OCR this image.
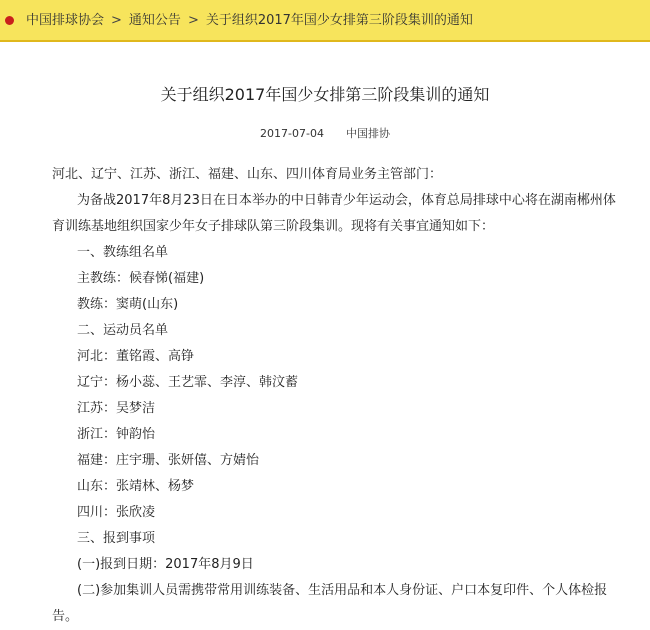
中国排球协会 > 通知公告 > 关于组织2017年国少女排第三阶段集训的通知
关于组织2017年国少女排第三阶段集训的通知
2017-07-04 中国排协

河北、辽宁、江苏、浙江、福建、山东、四川体育局业务主管部门：

为备战2017年8月23日在日本举办的中日韩青少年运动会，体育总局排球中心将在湖南郴州体育训练基地组织国家少年女子排球队第三阶段集训。现将有关事宜通知如下：

一、教练组名单

主教练：候春悌(福建)

教练：窦萌(山东)

二、运动员名单

河北：董铭霞、高铮

辽宁：杨小蕊、王艺霏、李淳、韩汶蓄

江苏：吴梦洁

浙江：钟韵怡

福建：庄宇珊、张妍僖、方婧怡

山东：张靖林、杨梦

四川：张欣凌

三、报到事项

(一)报到日期：2017年8月9日

(二)参加集训人员需携带常用训练装备、生活用品和本人身份证、户口本复印件、个人体检报告。
